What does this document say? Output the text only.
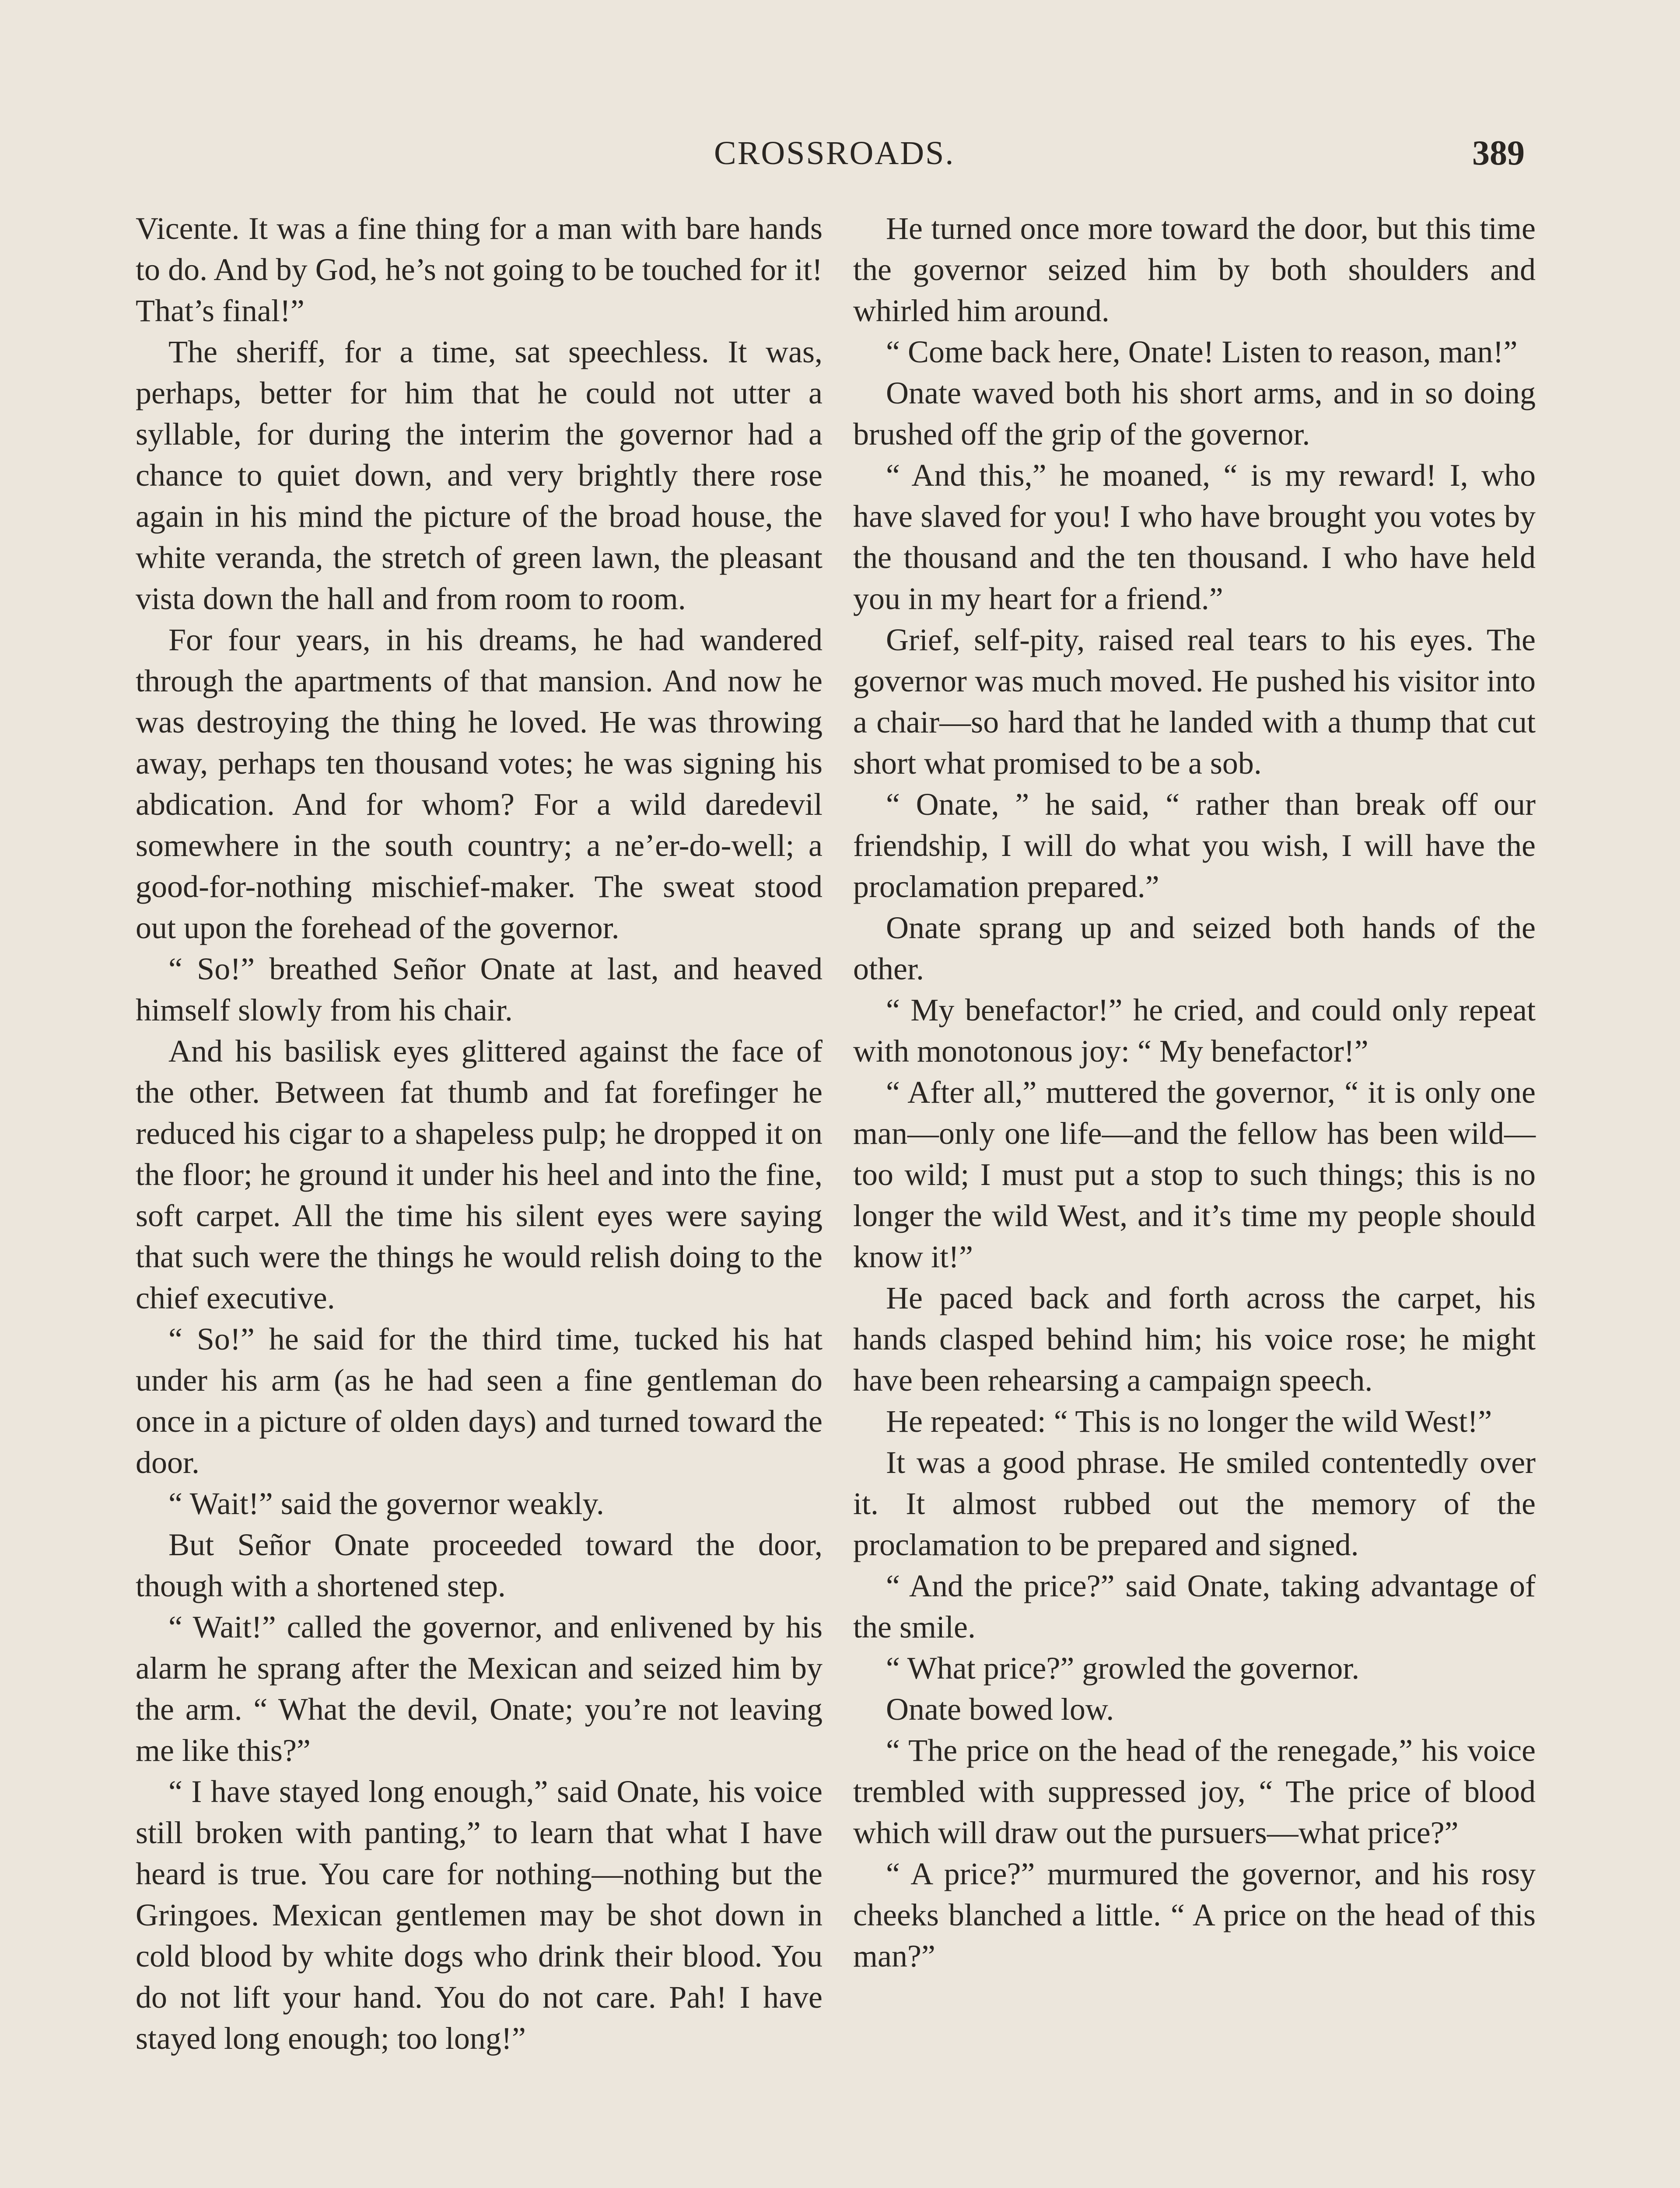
CROSSROADS.	389

Vicente. It was a fine thing for a man with bare hands to do. And by God, he’s not going to be touched for it! That’s final!”

The sheriff, for a time, sat speechless. It was, perhaps, better for him that he could not utter a syllable, for during the interim the governor had a chance to quiet down, and very brightly there rose again in his mind the picture of the broad house, the white veranda, the stretch of green lawn, the pleasant vista down the hall and from room to room.

For four years, in his dreams, he had wandered through the apartments of that mansion. And now he was destroying the thing he loved. He was throwing away, perhaps ten thousand votes; he was signing his abdication. And for whom? For a wild daredevil somewhere in the south country; a ne’er-do-well; a good-for-nothing mischief-maker. The sweat stood out upon the forehead of the governor.

“ So!” breathed Señor Onate at last, and heaved himself slowly from his chair.

And his basilisk eyes glittered against the face of the other. Between fat thumb and fat forefinger he reduced his cigar to a shapeless pulp; he dropped it on the floor; he ground it under his heel and into the fine, soft carpet. All the time his silent eyes were saying that such were the things he would relish doing to the chief executive.

“ So!” he said for the third time, tucked his hat under his arm (as he had seen a fine gentleman do once in a picture of olden days) and turned toward the door.

“ Wait!” said the governor weakly.

But Señor Onate proceeded toward the door, though with a shortened step.

“ Wait!” called the governor, and enlivened by his alarm he sprang after the Mexican and seized him by the arm. “ What the devil, Onate; you’re not leaving me like this?”

“ I have stayed long enough,” said Onate, his voice still broken with panting,” to learn that what I have heard is true. You care for nothing—nothing but the Gringoes. Mexican gentlemen may be shot down in cold blood by white dogs who drink their blood. You do not lift your hand. You do not care. Pah! I have stayed long enough; too long!”

He turned once more toward the door, but this time the governor seized him by both shoulders and whirled him around.

“ Come back here, Onate! Listen to reason, man!”

Onate waved both his short arms, and in so doing brushed off the grip of the governor.

“ And this,” he moaned, “ is my reward! I, who have slaved for you! I who have brought you votes by the thousand and the ten thousand. I who have held you in my heart for a friend.”

Grief, self-pity, raised real tears to his eyes. The governor was much moved. He pushed his visitor into a chair—so hard that he landed with a thump that cut short what promised to be a sob.

“ Onate, ” he said, “ rather than break off our friendship, I will do what you wish, I will have the proclamation prepared.”

Onate sprang up and seized both hands of the other.

“ My benefactor!” he cried, and could only repeat with monotonous joy: “ My benefactor!”

“ After all,” muttered the governor, “ it is only one man—only one life—and the fellow has been wild—too wild; I must put a stop to such things; this is no longer the wild West, and it’s time my people should know it!”

He paced back and forth across the carpet, his hands clasped behind him; his voice rose; he might have been rehearsing a campaign speech.

He repeated: “ This is no longer the wild West!”

It was a good phrase. He smiled contentedly over it. It almost rubbed out the memory of the proclamation to be prepared and signed.

“ And the price?” said Onate, taking advantage of the smile.

“ What price?” growled the governor.

Onate bowed low.

“ The price on the head of the renegade,” his voice trembled with suppressed joy, “ The price of blood which will draw out the pursuers—what price?”

“ A price?” murmured the governor, and his rosy cheeks blanched a little. “ A price on the head of this man?”
